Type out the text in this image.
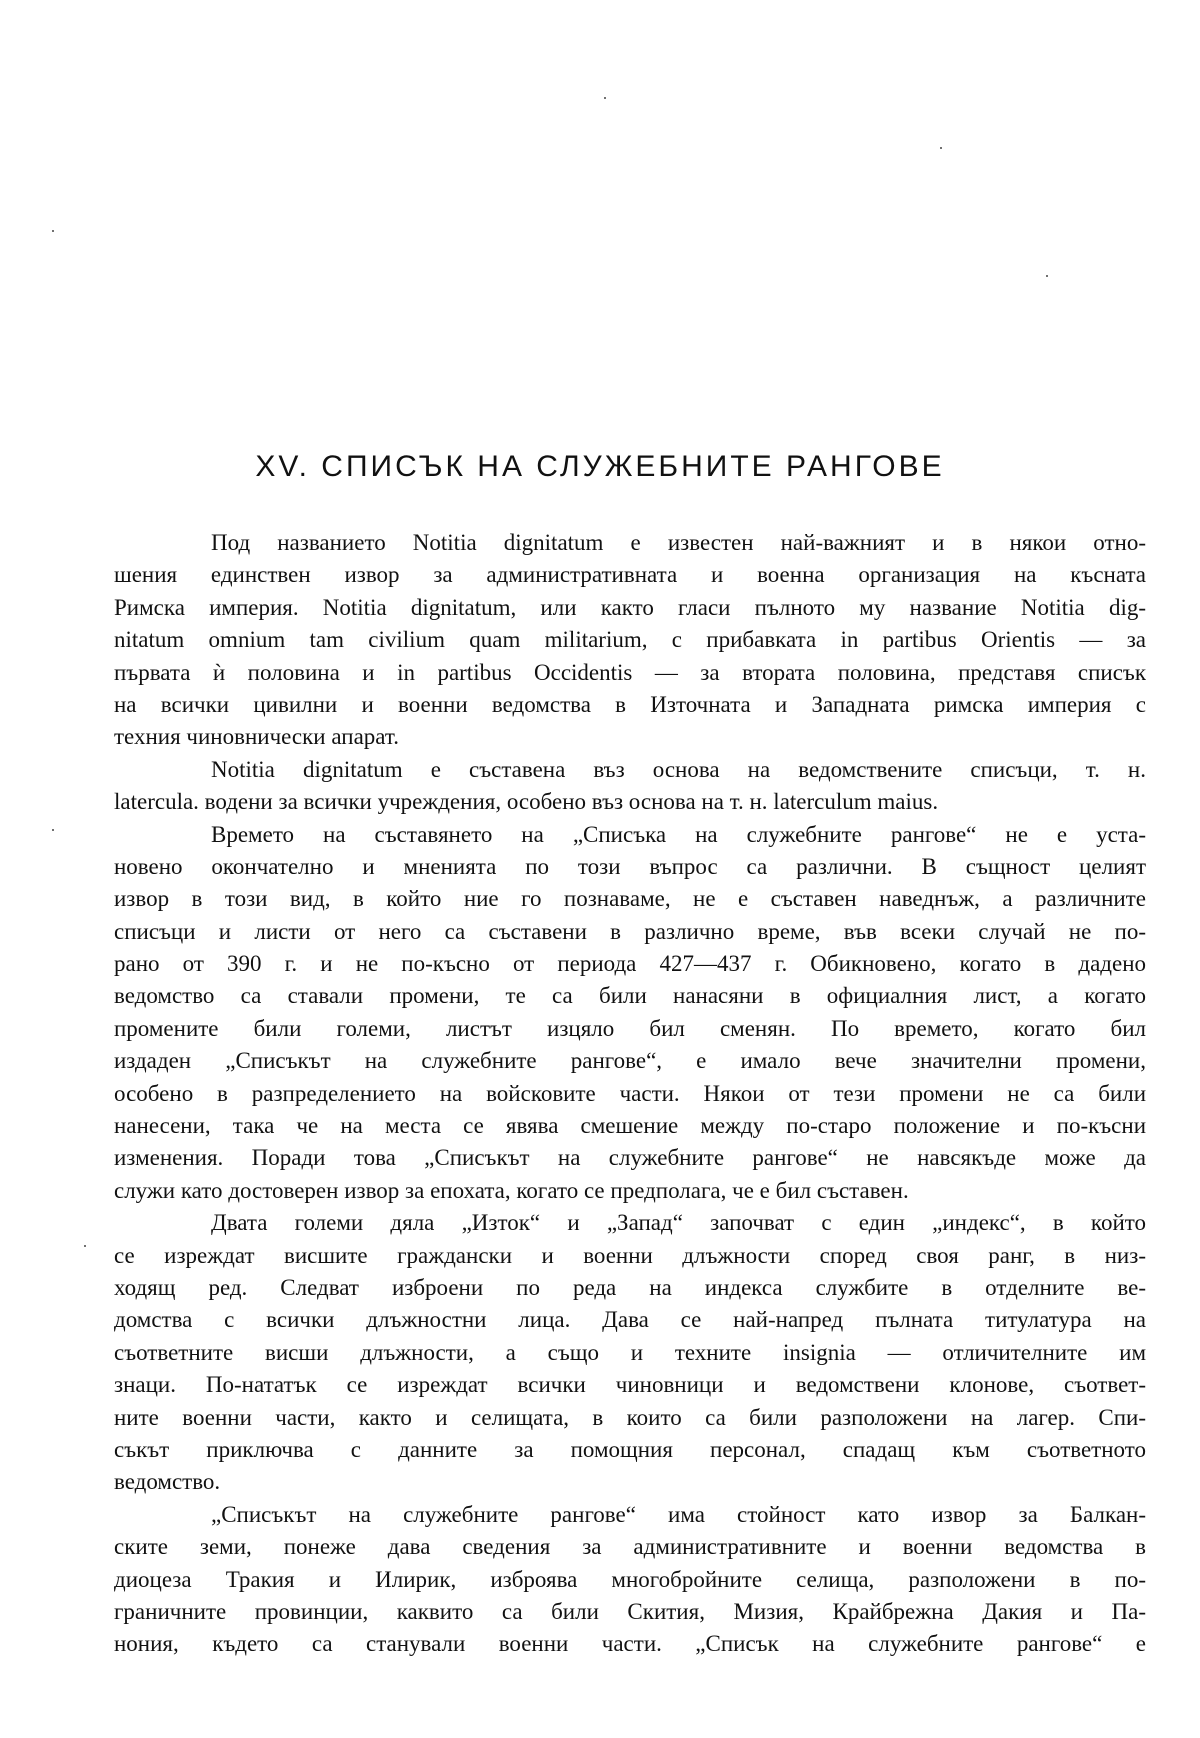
XV. СПИСЪК НА СЛУЖЕБНИТЕ РАНГОВЕ
Под названието Notitia dignitatum е известен най-важният и в някои отно-
шения единствен извор за административната и военна организация на късната
Римска империя. Notitia dignitatum, или както гласи пълното му название Notitia dig-
nitatum omnium tam civilium quam militarium, с прибавката in partibus Orientis — за
първата ѝ половина и in partibus Occidentis — за втората половина, представя списък
на всички цивилни и военни ведомства в Източната и Западната римска империя с
техния чиновнически апарат.
Notitia dignitatum е съставена въз основа на ведомствените списъци, т. н.
latercula. водени за всички учреждения, особено въз основа на т. н. laterculum maius.
Времето на съставянето на „Списъка на служебните рангове“ не е уста-
новено окончателно и мненията по този въпрос са различни. В същност целият
извор в този вид, в който ние го познаваме, не е съставен наведнъж, а различните
списъци и листи от него са съставени в различно време, във всеки случай не по-
рано от 390 г. и не по-късно от периода 427—437 г. Обикновено, когато в дадено
ведомство са ставали промени, те са били нанасяни в официалния лист, а когато
промените били големи, листът изцяло бил сменян. По времето, когато бил
издаден „Списъкът на служебните рангове“, е имало вече значителни промени,
особено в разпределението на войсковите части. Някои от тези промени не са били
нанесени, така че на места се явява смешение между по-старо положение и по-късни
изменения. Поради това „Списъкът на служебните рангове“ не навсякъде може да
служи като достоверен извор за епохата, когато се предполага, че е бил съставен.
Двата големи дяла „Изток“ и „Запад“ започват с един „индекс“, в който
се изреждат висшите граждански и военни длъжности според своя ранг, в низ-
ходящ ред. Следват изброени по реда на индекса службите в отделните ве-
домства с всички длъжностни лица. Дава се най-напред пълната титулатура на
съответните висши длъжности, а също и техните insignia — отличителните им
знаци. По-нататък се изреждат всички чиновници и ведомствени клонове, съответ-
ните военни части, както и селищата, в които са били разположени на лагер. Спи-
съкът приключва с данните за помощния персонал, спадащ към съответното
ведомство.
„Списъкът на служебните рангове“ има стойност като извор за Балкан-
ските земи, понеже дава сведения за административните и военни ведомства в
диоцеза Тракия и Илирик, изброява многобройните селища, разположени в по-
граничните провинции, каквито са били Скития, Мизия, Крайбрежна Дакия и Па-
нония, където са станували военни части. „Списък на служебните рангове“ е
